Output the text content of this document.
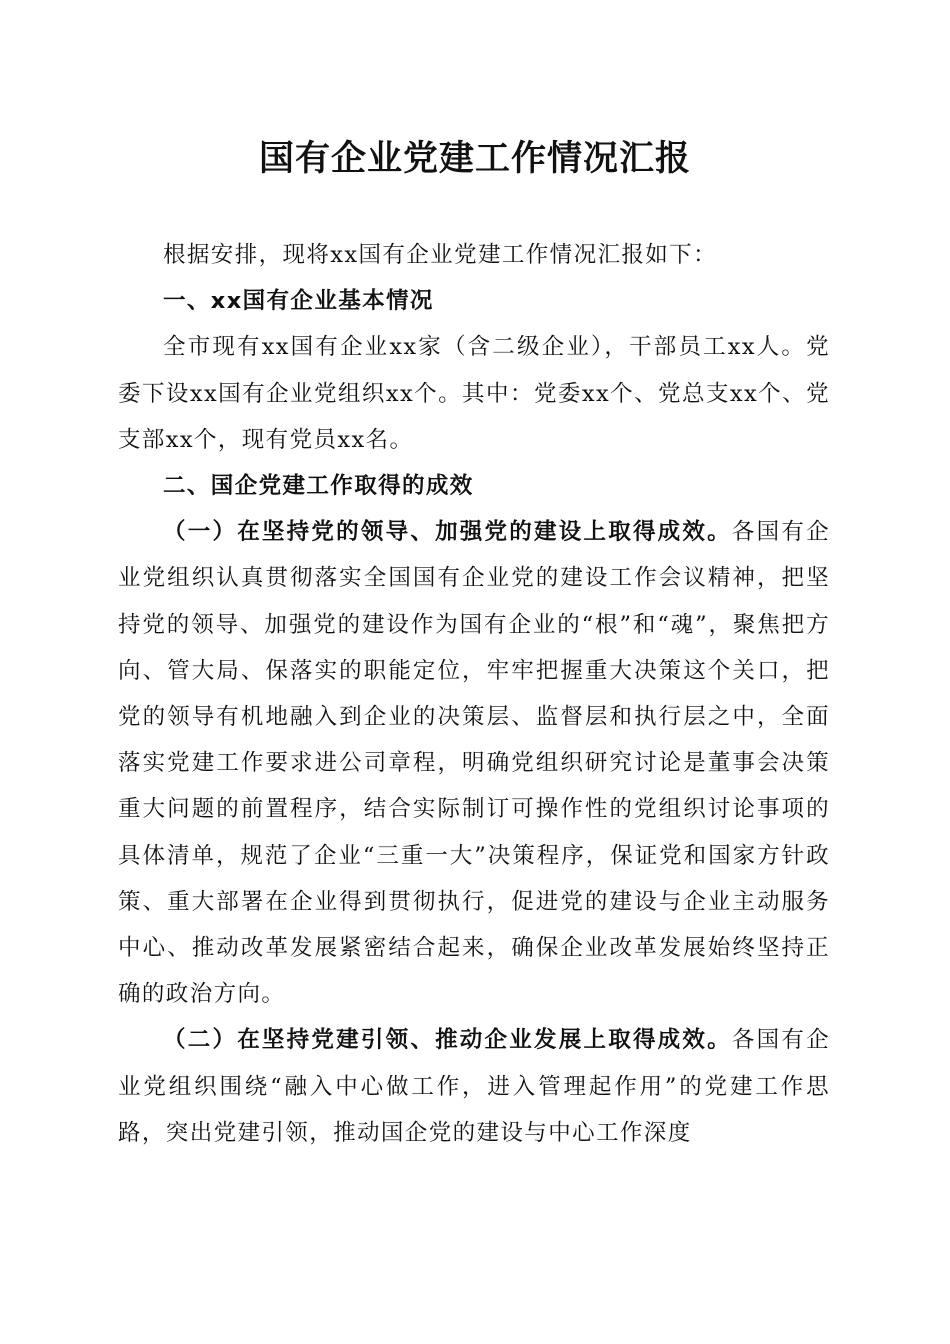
国有企业党建工作情况汇报

根据安排，现将xx国有企业党建工作情况汇报如下：

一、xx国有企业基本情况

全市现有xx国有企业xx家（含二级企业），干部员工xx人。党委下设xx国有企业党组织xx个。其中：党委xx个、党总支xx个、党支部xx个，现有党员xx名。

二、国企党建工作取得的成效

（一）在坚持党的领导、加强党的建设上取得成效。各国有企业党组织认真贯彻落实全国国有企业党的建设工作会议精神，把坚持党的领导、加强党的建设作为国有企业的“根”和“魂”，聚焦把方向、管大局、保落实的职能定位，牢牢把握重大决策这个关口，把党的领导有机地融入到企业的决策层、监督层和执行层之中，全面落实党建工作要求进公司章程，明确党组织研究讨论是董事会决策重大问题的前置程序，结合实际制订可操作性的党组织讨论事项的具体清单，规范了企业“三重一大”决策程序，保证党和国家方针政策、重大部署在企业得到贯彻执行，促进党的建设与企业主动服务中心、推动改革发展紧密结合起来，确保企业改革发展始终坚持正确的政治方向。

（二）在坚持党建引领、推动企业发展上取得成效。各国有企业党组织围绕“融入中心做工作，进入管理起作用”的党建工作思路，突出党建引领，推动国企党的建设与中心工作深度
